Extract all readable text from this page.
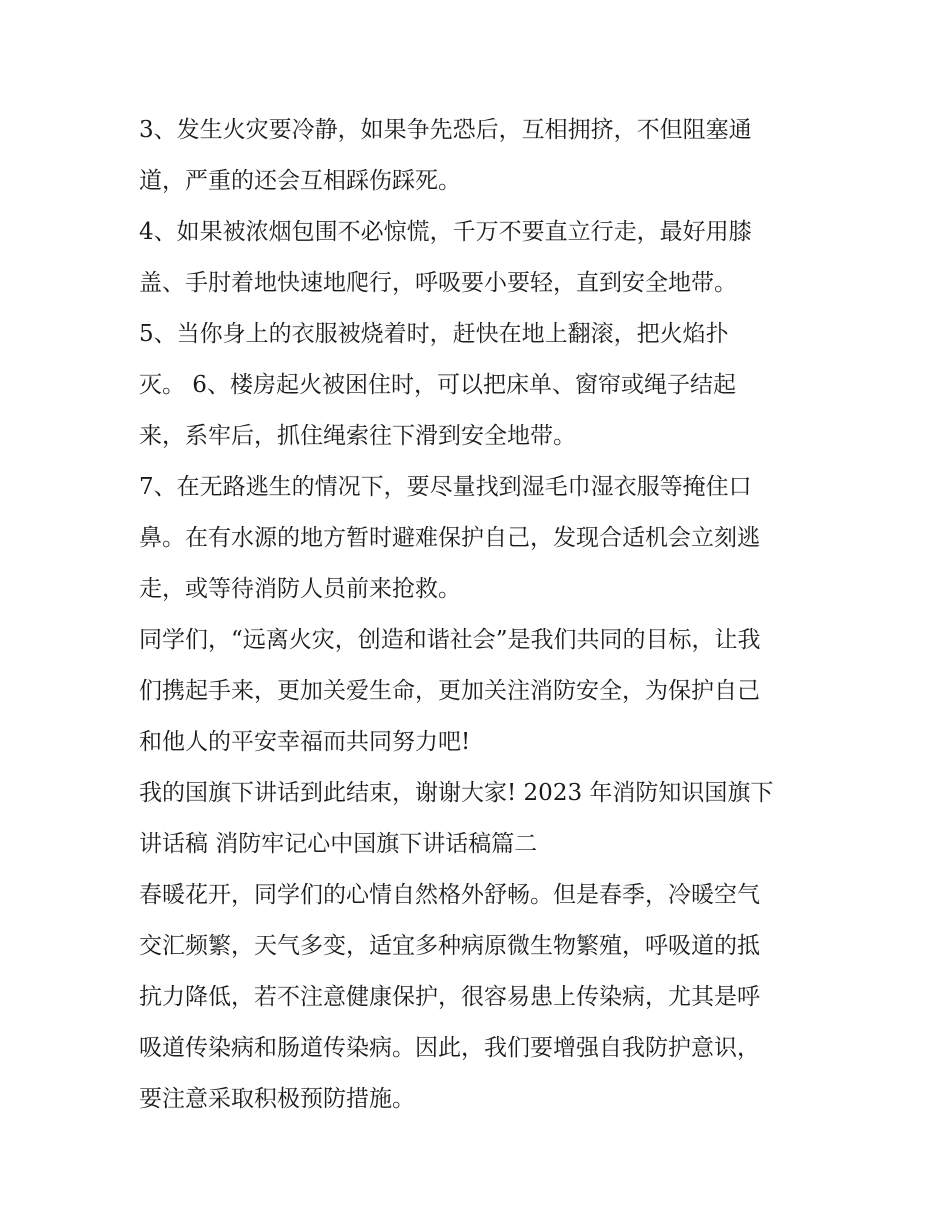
3、发生火灾要冷静，如果争先恐后，互相拥挤，不但阻塞通
道，严重的还会互相踩伤踩死。
4、如果被浓烟包围不必惊慌，千万不要直立行走，最好用膝
盖、手肘着地快速地爬行，呼吸要小要轻，直到安全地带。
5、当你身上的衣服被烧着时，赶快在地上翻滚，把火焰扑
灭。 6、楼房起火被困住时，可以把床单、窗帘或绳子结起
来，系牢后，抓住绳索往下滑到安全地带。
7、在无路逃生的情况下，要尽量找到湿毛巾湿衣服等掩住口
鼻。在有水源的地方暂时避难保护自己，发现合适机会立刻逃
走，或等待消防人员前来抢救。
同学们，“远离火灾，创造和谐社会”是我们共同的目标，让我
们携起手来，更加关爱生命，更加关注消防安全，为保护自己
和他人的平安幸福而共同努力吧!
我的国旗下讲话到此结束，谢谢大家! 2023 年消防知识国旗下
讲话稿 消防牢记心中国旗下讲话稿篇二
春暖花开，同学们的心情自然格外舒畅。但是春季，冷暖空气
交汇频繁，天气多变，适宜多种病原微生物繁殖，呼吸道的抵
抗力降低，若不注意健康保护，很容易患上传染病，尤其是呼
吸道传染病和肠道传染病。因此，我们要增强自我防护意识，
要注意采取积极预防措施。
